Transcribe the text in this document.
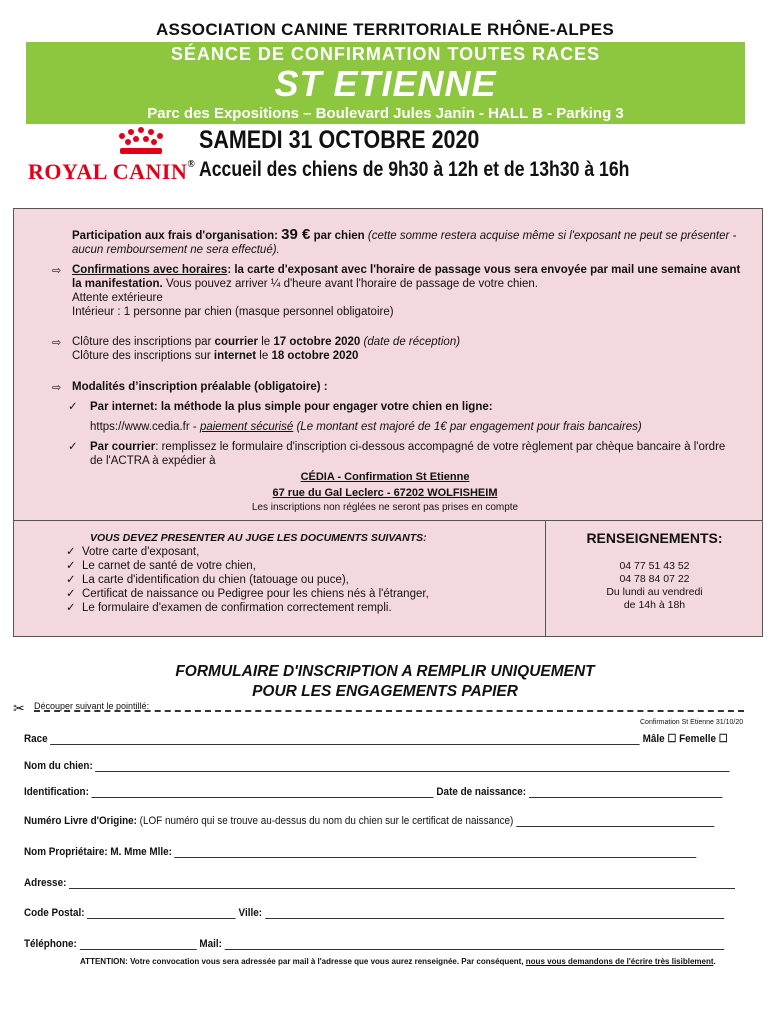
ASSOCIATION CANINE TERRITORIALE RHÔNE-ALPES
SÉANCE DE CONFIRMATION TOUTES RACES
ST ETIENNE
Parc des Expositions – Boulevard Jules Janin - HALL B - Parking 3
ROYAL CANIN®
SAMEDI 31 OCTOBRE 2020
Accueil des chiens de 9h30 à 12h et de 13h30 à 16h
Participation aux frais d'organisation: 39 € par chien (cette somme restera acquise même si l'exposant ne peut se présenter - aucun remboursement ne sera effectué).
⇨ Confirmations avec horaires: la carte d'exposant avec l'horaire de passage vous sera envoyée par mail une semaine avant la manifestation. Vous pouvez arriver ¼ d'heure avant l'horaire de passage de votre chien.
Attente extérieure
Intérieur : 1 personne par chien (masque personnel obligatoire)
⇨ Clôture des inscriptions par courrier le 17 octobre 2020 (date de réception)
Clôture des inscriptions sur internet le 18 octobre 2020
⇨ Modalités d’inscription préalable (obligatoire) :
✓ Par internet: la méthode la plus simple pour engager votre chien en ligne:
https://www.cedia.fr - paiement sécurisé (Le montant est majoré de 1€ par engagement pour frais bancaires)
✓ Par courrier: remplissez le formulaire d'inscription ci-dessous accompagné de votre règlement par chèque bancaire à l'ordre de l'ACTRA à expédier à
CÉDIA - Confirmation St Etienne
67 rue du Gal Leclerc - 67202 WOLFISHEIM
Les inscriptions non réglées ne seront pas prises en compte
VOUS DEVEZ PRESENTER AU JUGE LES DOCUMENTS SUIVANTS:
✓ Votre carte d'exposant,
✓ Le carnet de santé de votre chien,
✓ La carte d'identification du chien (tatouage ou puce),
✓ Certificat de naissance ou Pedigree pour les chiens nés à l'étranger,
✓ Le formulaire d'examen de confirmation correctement rempli.
RENSEIGNEMENTS:
04 77 51 43 52
04 78 84 07 22
Du lundi au vendredi
de 14h à 18h
FORMULAIRE D'INSCRIPTION A REMPLIR UNIQUEMENT
POUR LES ENGAGEMENTS PAPIER
✂ Découper suivant le pointillé:
Confirmation St Etienne 31/10/20
Race	Mâle ☐ Femelle ☐
Nom du chien:
Identification:	Date de naissance:
Numéro Livre d'Origine: (LOF numéro qui se trouve au-dessus du nom du chien sur le certificat de naissance)
Nom Propriétaire: M. Mme Mlle:
Adresse:
Code Postal:	Ville:
Téléphone:	Mail:
ATTENTION: Votre convocation vous sera adressée par mail à l'adresse que vous aurez renseignée. Par conséquent, nous vous demandons de l'écrire très lisiblement.
